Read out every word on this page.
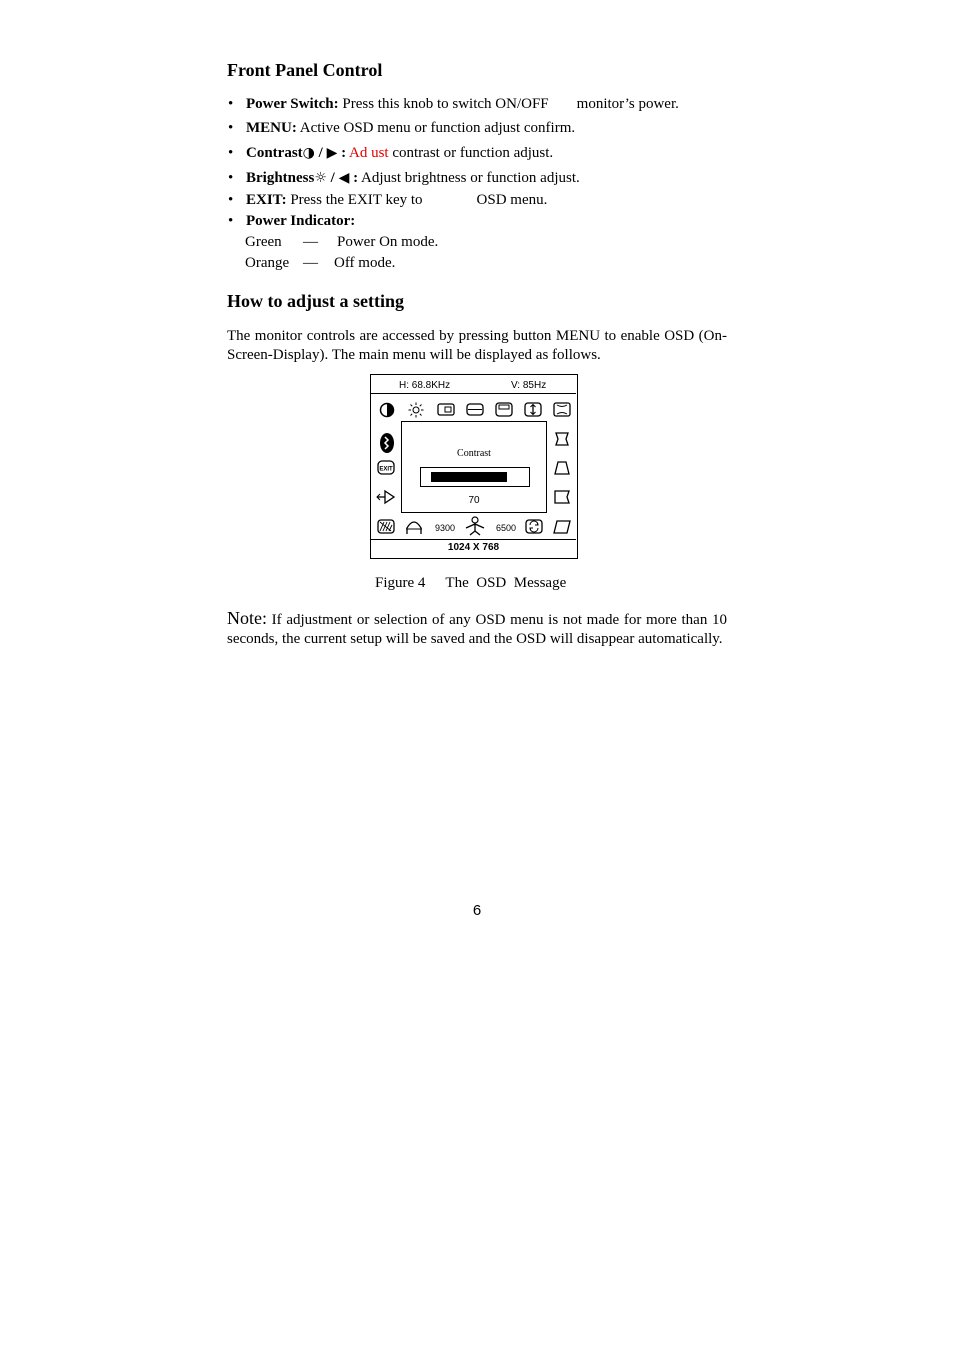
Front Panel Control
• Power Switch: Press this knob to switch ON/OFF monitor’s power.
• MENU: Active OSD menu or function adjust confirm.
• Contrast◑ / ▶ : Ad ust contrast or function adjust.
• Brightness☼ / ◀ : Adjust brightness or function adjust.
• EXIT: Press the EXIT key to	OSD menu.
• Power Indicator:
Green — Power On mode.
Orange — Off mode.
How to adjust a setting
The monitor controls are accessed by pressing button MENU to enable OSD (On-Screen-Display). The main menu will be displayed as follows.
H: 68.8KHz	V: 85Hz
EXIT
Contrast
70
9300	6500
1024 X 768
Figure 4 The  OSD  Message
Note: If adjustment or selection of any OSD menu is not made for more than 10 seconds, the current setup will be saved and the OSD will disappear automatically.
6
